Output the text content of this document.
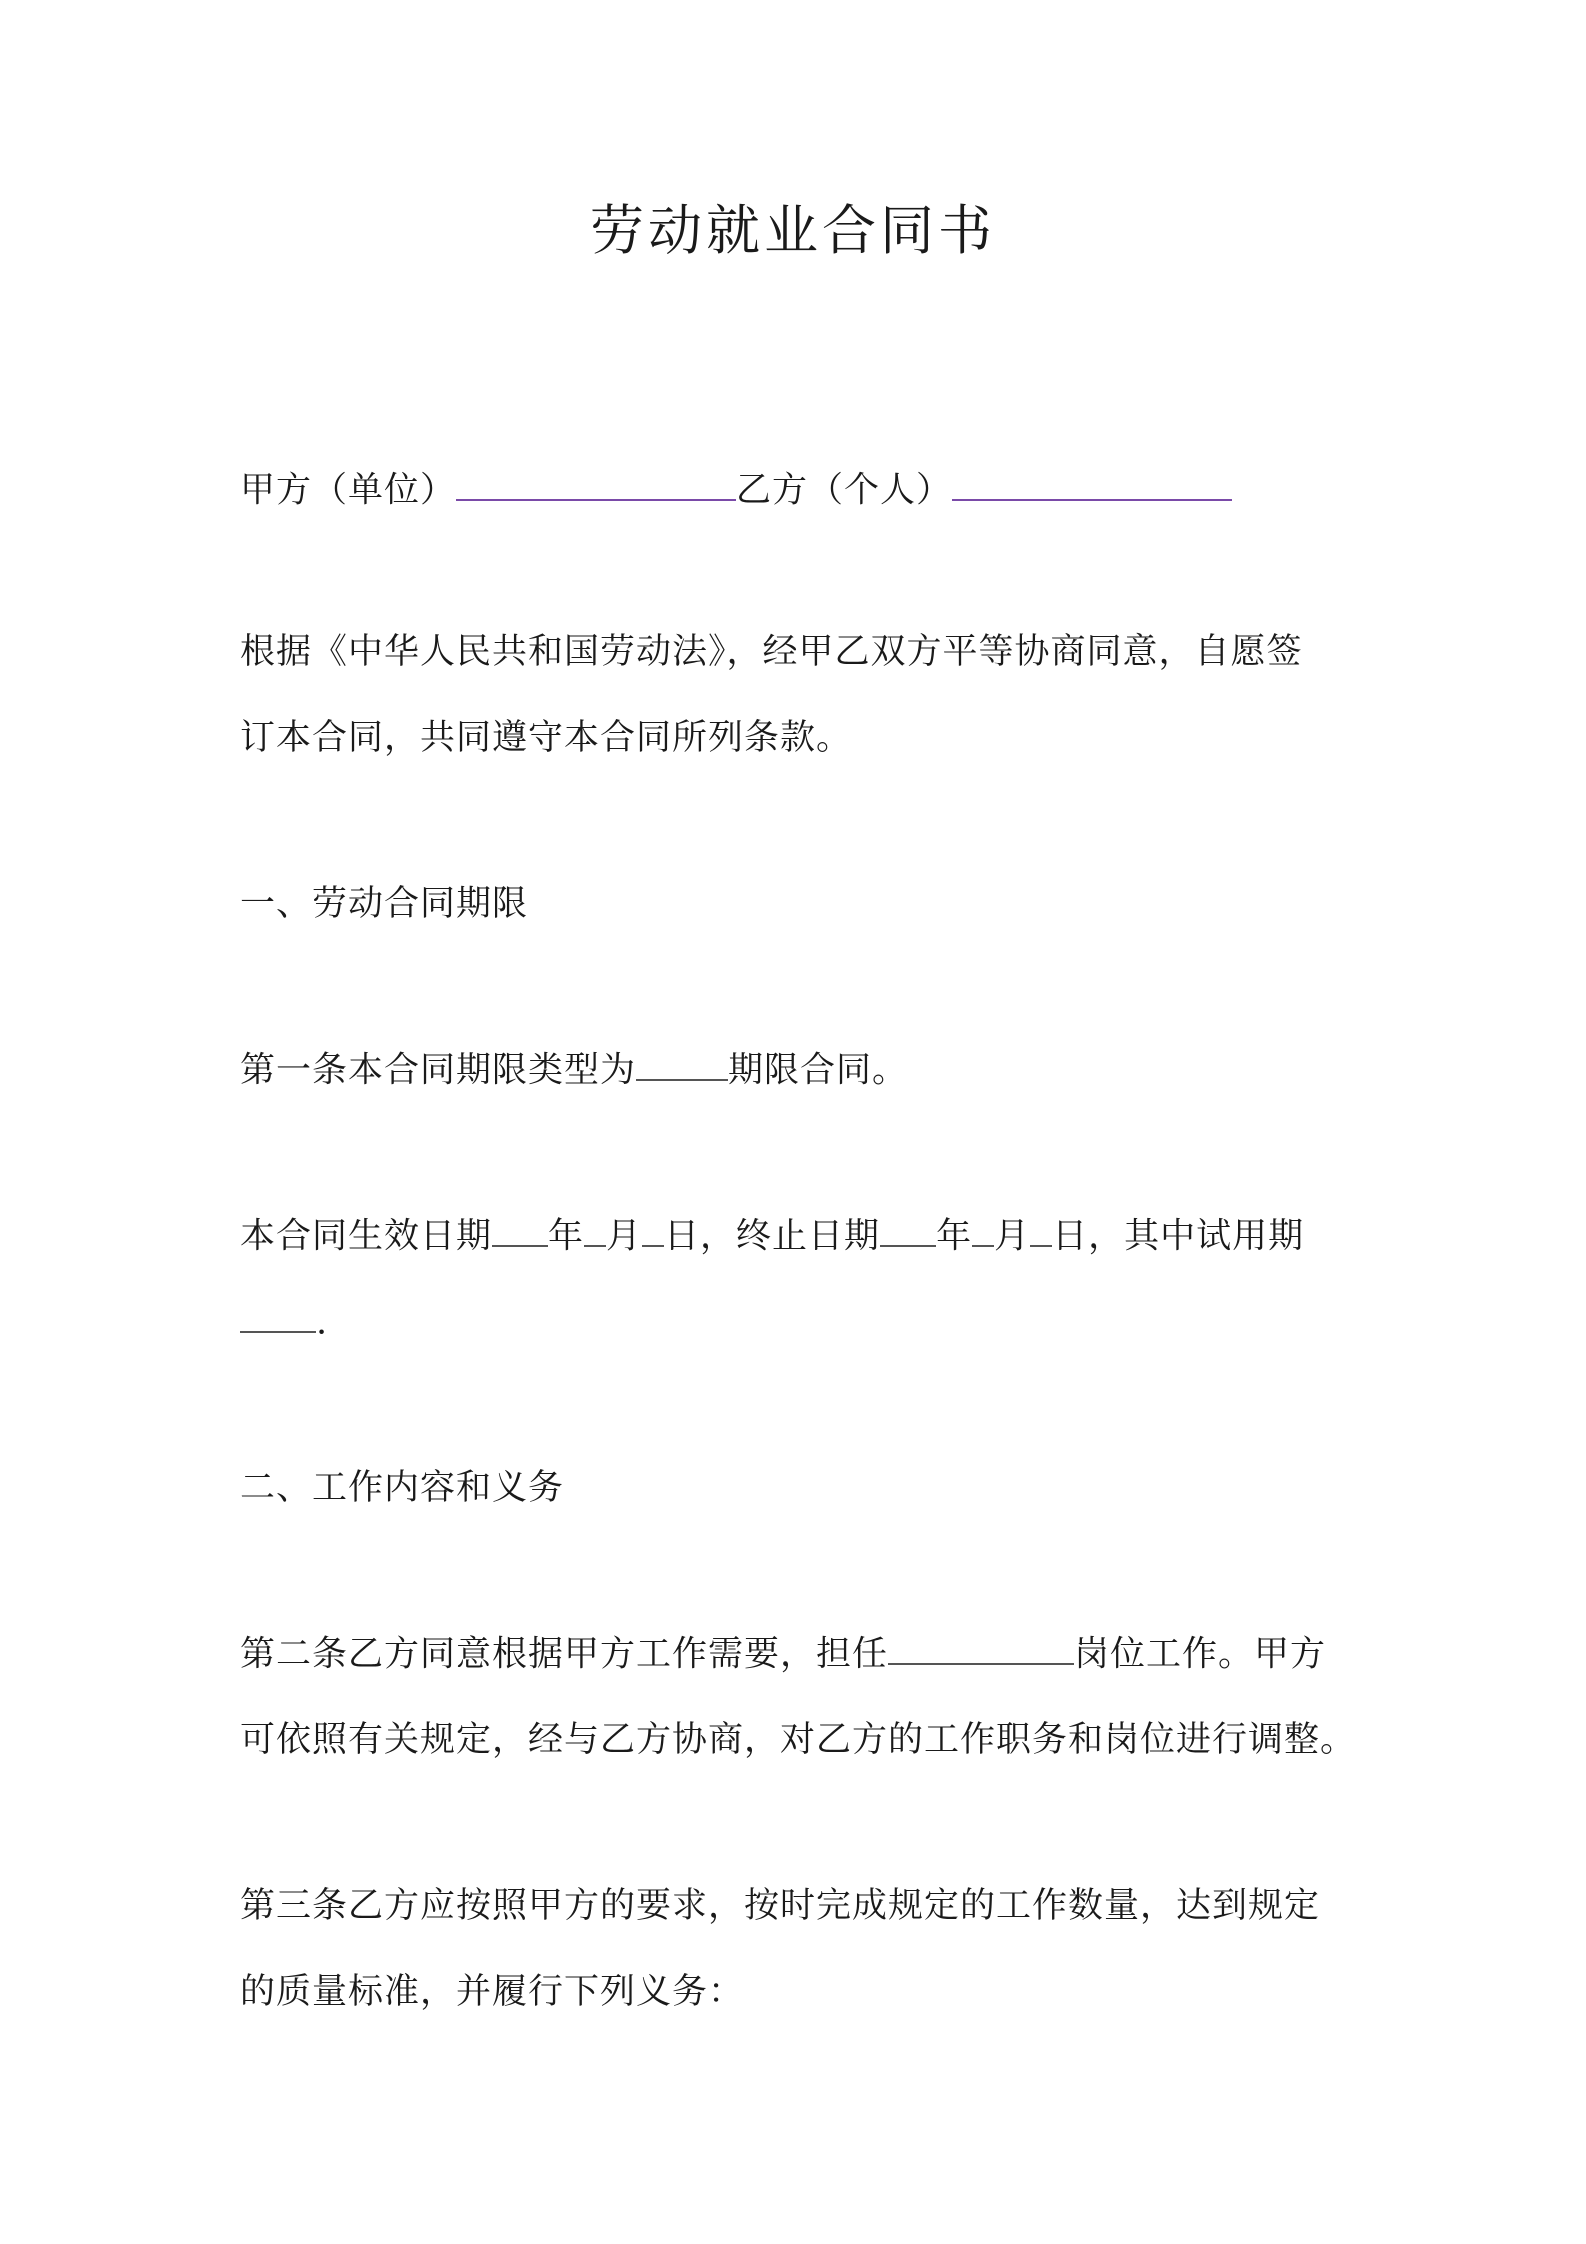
劳动就业合同书
甲方（单位）	乙方（个人）
根据《中华人民共和国劳动法》，经甲乙双方平等协商同意，自愿签
订本合同，共同遵守本合同所列条款。
一、劳动合同期限
第一条本合同期限类型为	期限合同。
本合同生效日期 年 月 日，终止日期 年 月 日，其中试用期
.
二、工作内容和义务
第二条乙方同意根据甲方工作需要，担任	岗位工作。甲方
可依照有关规定，经与乙方协商，对乙方的工作职务和岗位进行调整。
第三条乙方应按照甲方的要求，按时完成规定的工作数量，达到规定
的质量标准，并履行下列义务：
